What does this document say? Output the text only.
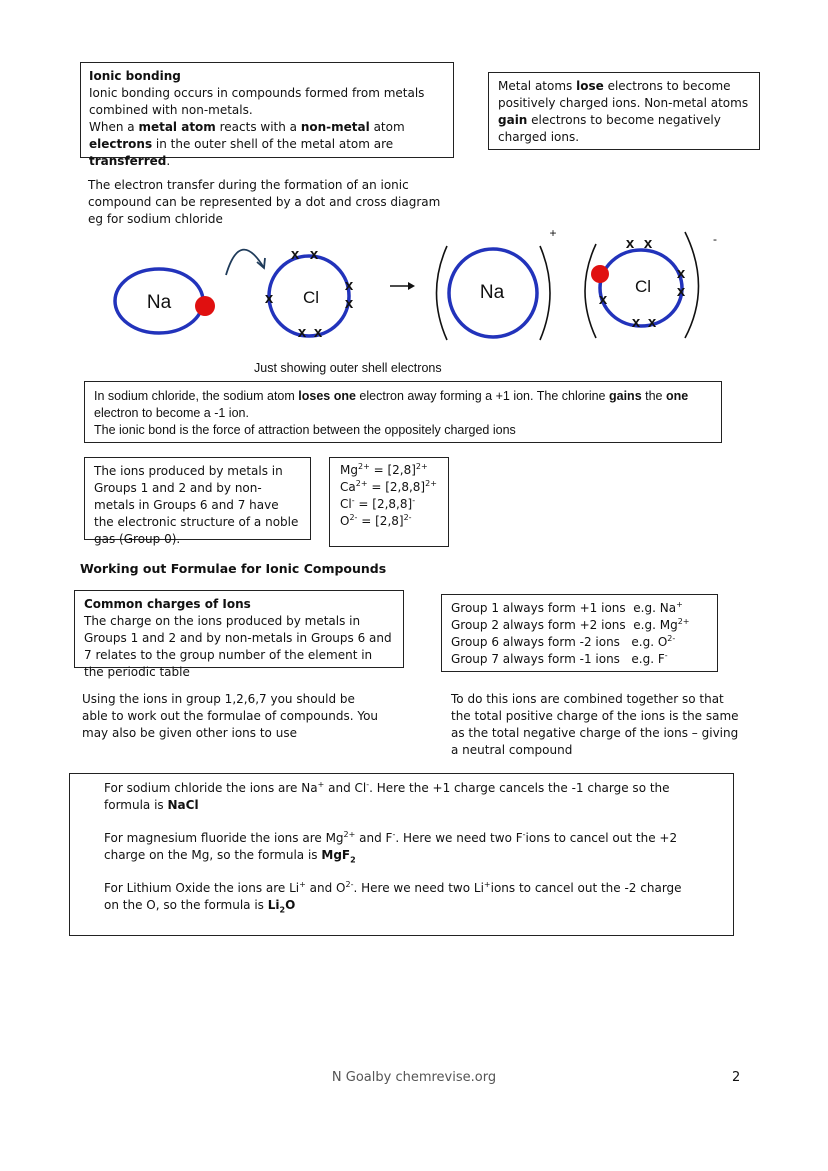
Ionic bonding

Ionic bonding occurs in compounds formed from metals combined with non-metals.

When a metal atom reacts with a non-metal atom electrons in the outer shell of the metal atom are transferred.

Metal atoms lose electrons to become positively charged ions. Non-metal atoms gain electrons to become negatively charged ions.

The electron transfer during the formation of an ionic compound can be represented by a dot and cross diagram eg for sodium chloride
Na	Cl
x x
x
x
x
x x
Na
+
Cl
x x
x
x
x
x x
-
Just showing outer shell electrons

In sodium chloride, the sodium atom loses one electron away forming a +1 ion. The chlorine gains the one electron to become a -1 ion.

The ionic bond is the force of attraction between the oppositely charged ions

The ions produced by metals in Groups 1 and 2 and by non-metals in Groups 6 and 7 have the electronic structure of a noble gas (Group 0).

$Mg^{2+} = [2,8]^{2+}$

$Ca^{2+} = [2,8,8]^{2+}$

Cl- = [2,8,8]-

$O^{2-} = [2,8]^{2-}$

Working out Formulae for Ionic Compounds

Common charges of Ions

The charge on the ions produced by metals in Groups 1 and 2 and by non-metals in Groups 6 and 7 relates to the group number of the element in the periodic table

Group 1 always form +1 ions e.g. Na+

Group 2 always form +2 ions e.g. $Mg^{2+}$

Group 6 always form -2 ions e.g. $O^{2-}$

Group 7 always form -1 ions e.g. F-

Using the ions in group 1,2,6,7 you should be able to work out the formulae of compounds. You may also be given other ions to use
To do this ions are combined together so that the total positive charge of the ions is the same as the total negative charge of the ions – giving a neutral compound

For sodium chloride the ions are Na+ and Cl-. Here the +1 charge cancels the -1 charge so the formula is NaCl

For magnesium fluoride the ions are $Mg^{2+}$ and F-. Here we need two F-ions to cancel out the +2 charge on the Mg, so the formula is MgF$_2$

For Lithium Oxide the ions are Li+ and $O^{2-}$. Here we need two Li+ions to cancel out the -2 charge on the O, so the formula is $Li_2O$

N Goalby chemrevise.org	2
